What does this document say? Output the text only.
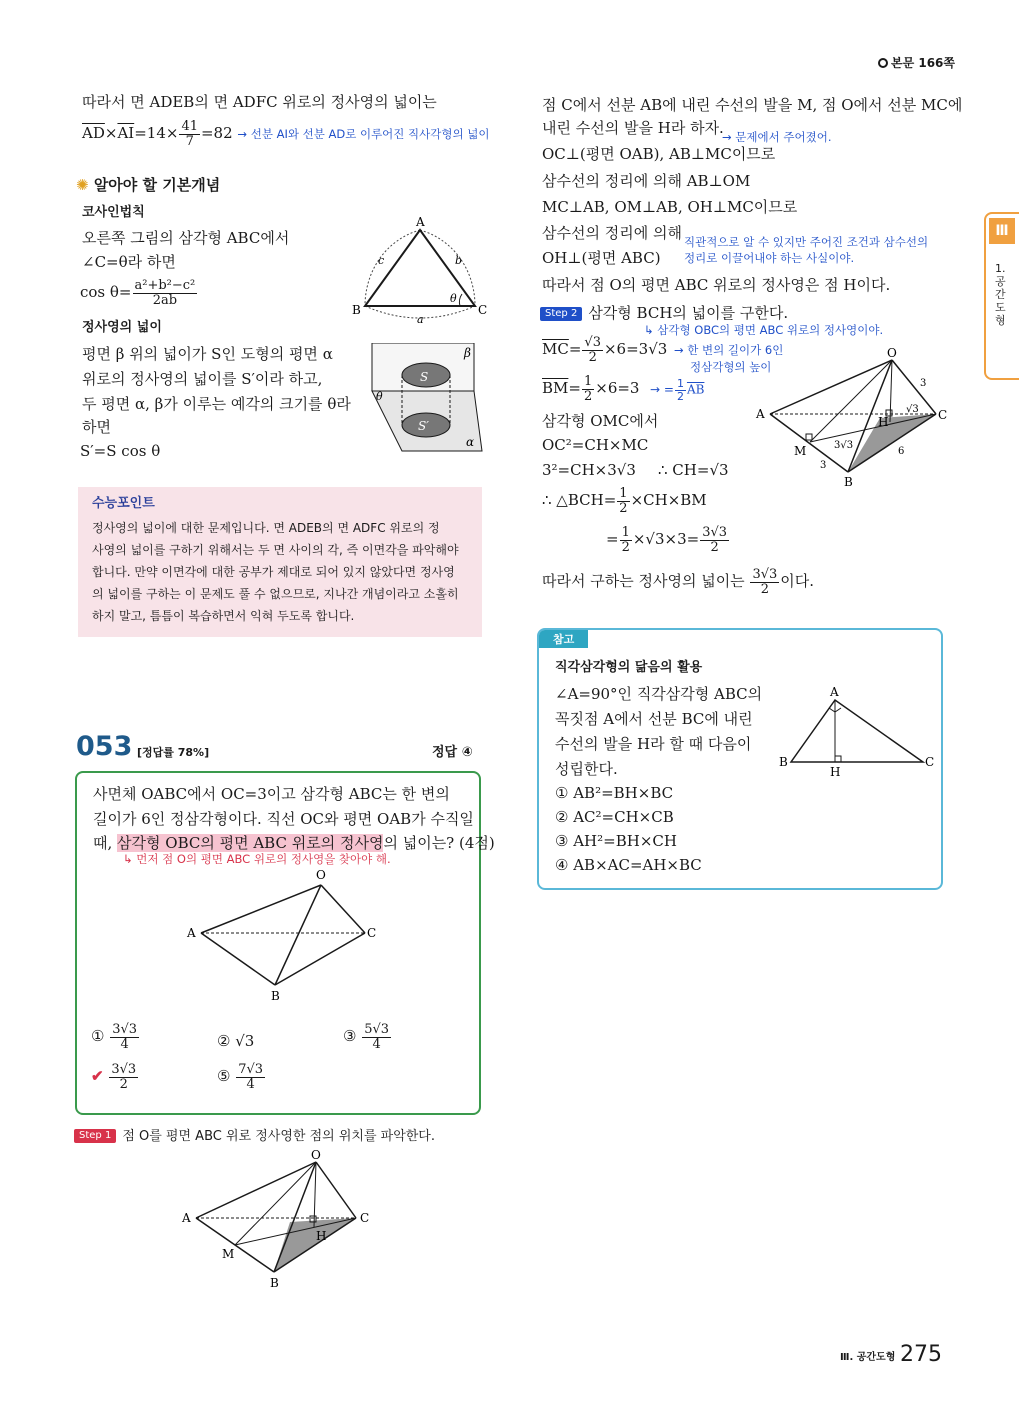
본문 166쪽
따라서 면 ADEB의 면 ADFC 위로의 정사영의 넓이는
$\overline{AD}\times\overline{AI}=14\times \frac{41}{7} =82$ → 선분 AI와 선분 AD로 이루어진 직사각형의 넓이
✺ 알아야 할 기본개념
코사인법칙
오른쪽 그림의 삼각형 ABC에서
∠C=θ라 하면
$\cos \theta= \frac{\text{a²+b²−c²}}{2ab}$
정사영의 넓이
평면 β 위의 넓이가 S인 도형의 평면 α
위로의 정사영의 넓이를 S′이라 하고,
두 평면 α, β가 이루는 예각의 크기를 θ라
하면
S′=S cos θ
A
B	C
c	b
a
θ
S
S′
β
α
θ
수능포인트
정사영의 넓이에 대한 문제입니다. 면 ADEB의 면 ADFC 위로의 정
사영의 넓이를 구하기 위해서는 두 면 사이의 각, 즉 이면각을 파악해야
합니다. 만약 이면각에 대한 공부가 제대로 되어 있지 않았다면 정사영
의 넓이를 구하는 이 문제도 풀 수 없으므로, 지나간 개념이라고 소홀히
하지 말고, 틈틈이 복습하면서 익혀 두도록 합니다.
053 [정답률 78%]	정답 ④
사면체 OABC에서 OC=3이고 삼각형 ABC는 한 변의
길이가 6인 정삼각형이다. 직선 OC와 평면 OAB가 수직일
때, 삼각형 OBC의 평면 ABC 위로의 정사영의 넓이는? (4점)
↳ 먼저 점 O의 평면 ABC 위로의 정사영을 찾아야 해.
O
A	C
B
① $\frac{3√3}{4}$	② √3	③ $\frac{5√3}{4}$
✔ $\frac{3√3}{2}$	⑤ $\frac{7√3}{4}$
Step 1 점 O를 평면 ABC 위로 정사영한 점의 위치를 파악한다.
O
A	C
M
H
B
점 C에서 선분 AB에 내린 수선의 발을 M, 점 O에서 선분 MC에
내린 수선의 발을 H라 하자.
→ 문제에서 주어졌어.
OC⊥(평면 OAB), AB⊥MC이므로
삼수선의 정리에 의해 AB⊥OM
MC⊥AB, OM⊥AB, OH⊥MC이므로
삼수선의 정리에 의해 직관적으로 알 수 있지만 주어진 조건과 삼수선의
정리로 이끌어내야 하는 사실이야.
OH⊥(평면 ABC)
따라서 점 O의 평면 ABC 위로의 정사영은 점 H이다.
Step 2 삼각형 BCH의 넓이를 구한다.
↳ 삼각형 OBC의 평면 ABC 위로의 정사영이야.
$\overline{MC}= \frac{√3}{2} \times 6=3√3$ → 한 변의 길이가 6인
정삼각형의 높이
$\overline{BM}= \frac{1}{2} \times 6=3$ → = $\frac{1}{2} \overline{AB}$
삼각형 OMC에서
OC²=CH×MC
3²=CH×3√3 ∴ CH=√3
∴ △BCH= $\frac{1}{2} \times CH\times BM$
= $\frac{1}{2} \times√3\times 3= \frac{3√3}{2}$
따라서 구하는 정사영의 넓이는 $\frac{3√3}{2}$ 이다.
O
A	C
M
H
B
3
3
6
√3
3√3
참고
직각삼각형의 닮음의 활용
∠A=90°인 직각삼각형 ABC의
꼭짓점 A에서 선분 BC에 내린
수선의 발을 H라 할 때 다음이
성립한다.
① AB²=BH×BC
② AC²=CH×CB
③ AH²=BH×CH
④ AB×AC=AH×BC
A
B	C
H
Ⅲ
1. 공간도형
Ⅲ. 공간도형 275
